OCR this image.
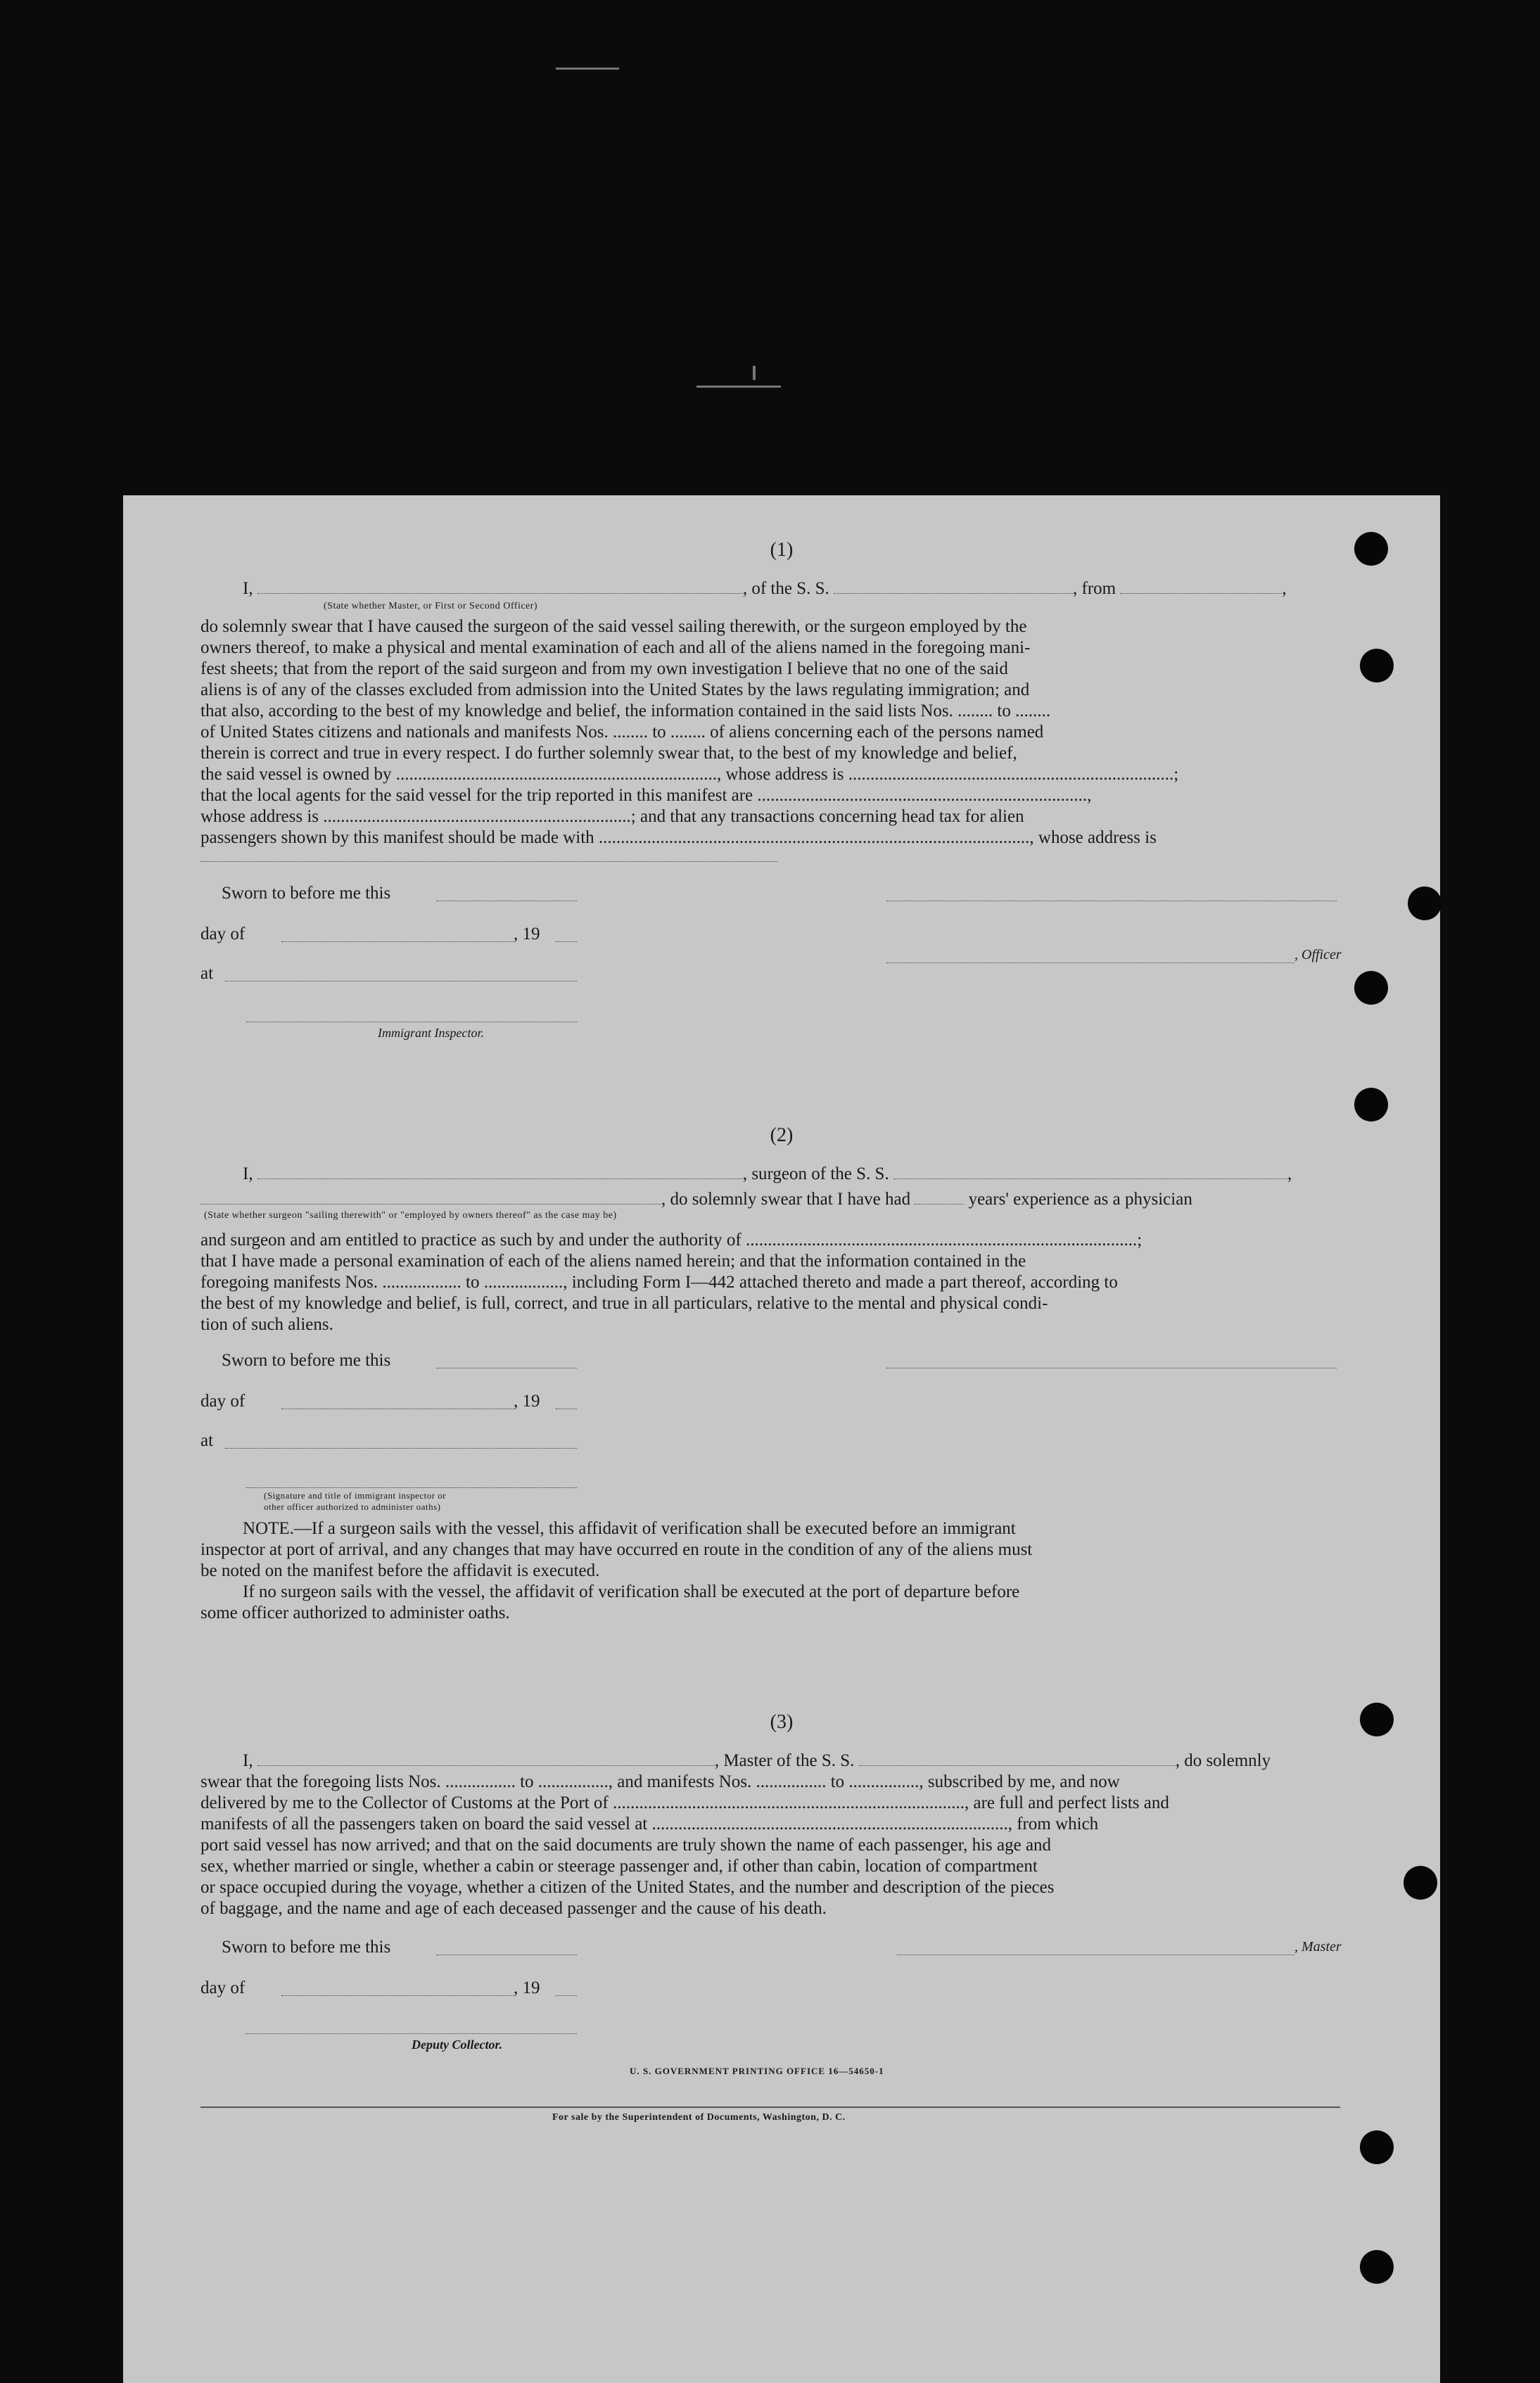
(1)
I,	, of the S. S.	, from	,
(State whether Master, or First or Second Officer)
do solemnly swear that I have caused the surgeon of the said vessel sailing therewith, or the surgeon employed by the
owners thereof, to make a physical and mental examination of each and all of the aliens named in the foregoing mani-
fest sheets; that from the report of the said surgeon and from my own investigation I believe that no one of the said
aliens is of any of the classes excluded from admission into the United States by the laws regulating immigration; and
that also, according to the best of my knowledge and belief, the information contained in the said lists Nos. ........ to ........
of United States citizens and nationals and manifests Nos. ........ to ........ of aliens concerning each of the persons named
therein is correct and true in every respect. I do further solemnly swear that, to the best of my knowledge and belief,
the said vessel is owned by ........................................................................., whose address is ..........................................................................;
that the local agents for the said vessel for the trip reported in this manifest are ...........................................................................,
whose address is ......................................................................; and that any transactions concerning head tax for alien
passengers shown by this manifest should be made with .................................................................................................., whose address is
Sworn to before me this
day of	, 19
, Officer
at
Immigrant Inspector.
(2)
I,	, surgeon of the S. S.	,
, do solemnly swear that I have had	years' experience as a physician
(State whether surgeon "sailing therewith" or "employed by owners thereof" as the case may be)
and surgeon and am entitled to practice as such by and under the authority of .........................................................................................;
that I have made a personal examination of each of the aliens named herein; and that the information contained in the
foregoing manifests Nos. .................. to .................., including Form I—442 attached thereto and made a part thereof, according to
the best of my knowledge and belief, is full, correct, and true in all particulars, relative to the mental and physical condi-
tion of such aliens.
Sworn to before me this
day of	, 19
at
(Signature and title of immigrant inspector or
other officer authorized to administer oaths)
NOTE.—If a surgeon sails with the vessel, this affidavit of verification shall be executed before an immigrant
inspector at port of arrival, and any changes that may have occurred en route in the condition of any of the aliens must
be noted on the manifest before the affidavit is executed.
If no surgeon sails with the vessel, the affidavit of verification shall be executed at the port of departure before
some officer authorized to administer oaths.
(3)
I,	, Master of the S. S.	, do solemnly
swear that the foregoing lists Nos. ................ to ................, and manifests Nos. ................ to ................, subscribed by me, and now
delivered by me to the Collector of Customs at the Port of ................................................................................, are full and perfect lists and
manifests of all the passengers taken on board the said vessel at ................................................................................., from which
port said vessel has now arrived; and that on the said documents are truly shown the name of each passenger, his age and
sex, whether married or single, whether a cabin or steerage passenger and, if other than cabin, location of compartment
or space occupied during the voyage, whether a citizen of the United States, and the number and description of the pieces
of baggage, and the name and age of each deceased passenger and the cause of his death.
Sworn to before me this	, Master
day of	, 19
Deputy Collector.
U. S. GOVERNMENT PRINTING OFFICE 16—54650-1
For sale by the Superintendent of Documents, Washington, D. C.
